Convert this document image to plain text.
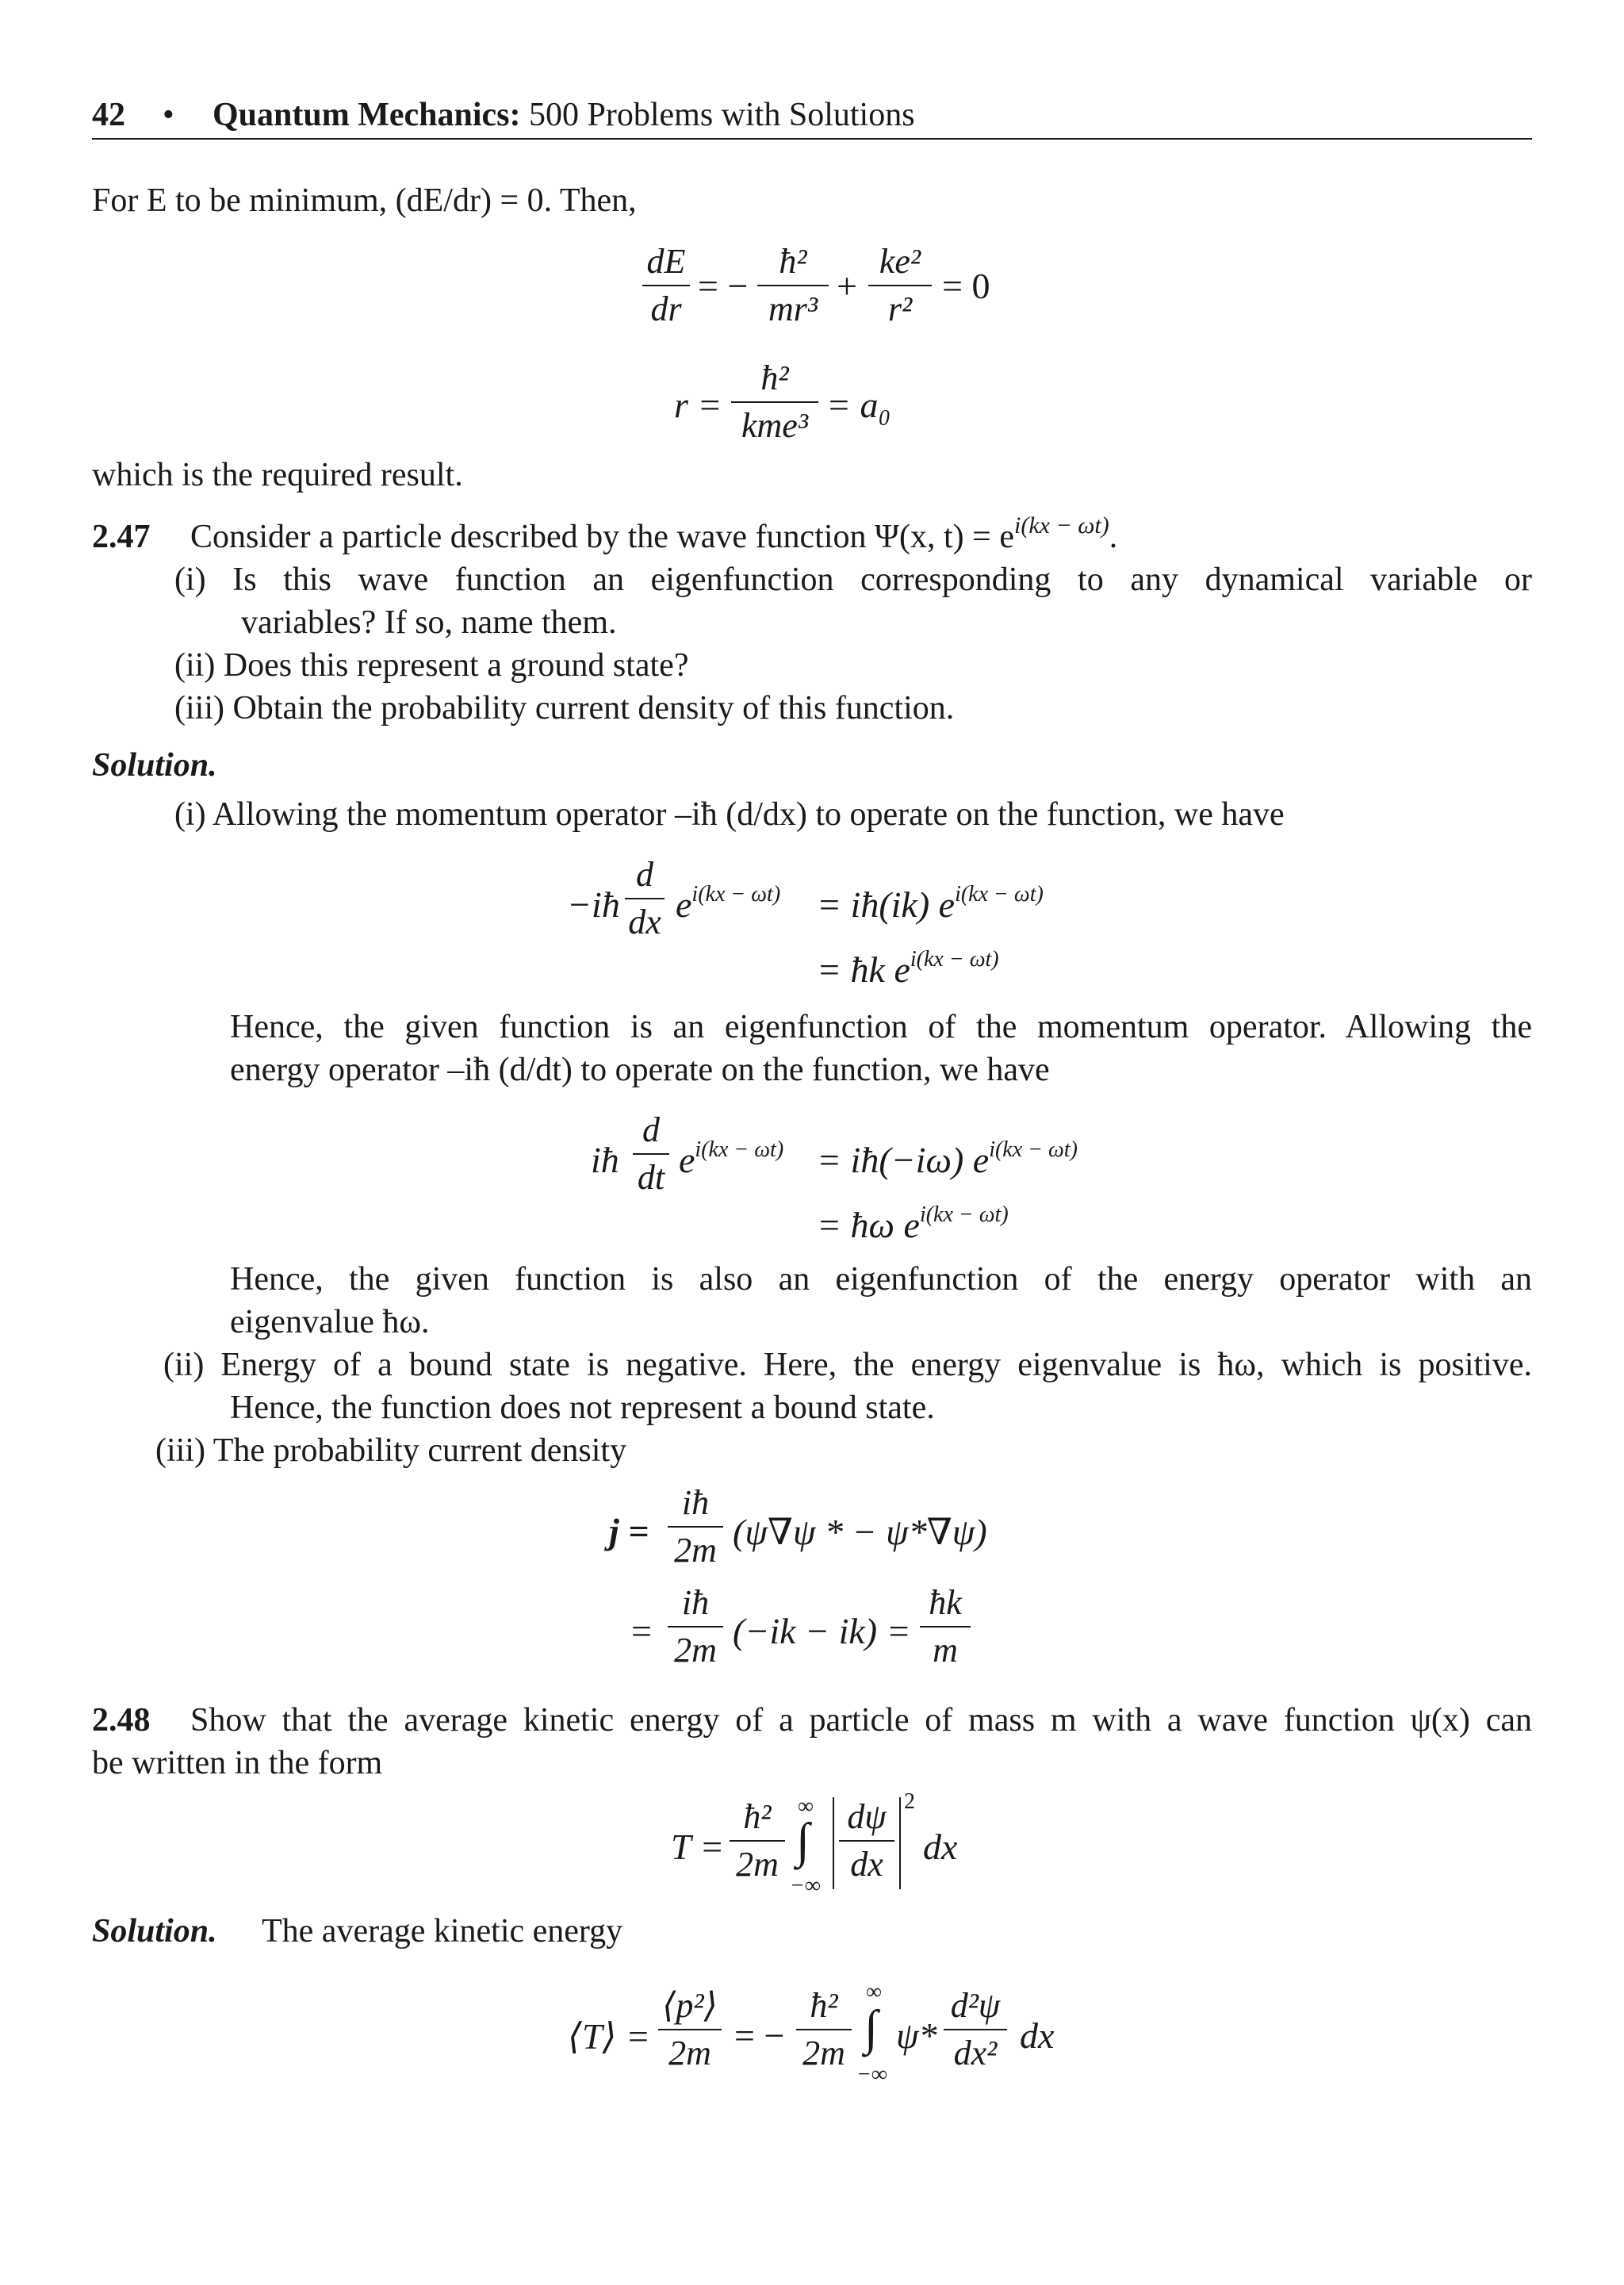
42 • Quantum Mechanics: 500 Problems with Solutions
For E to be minimum, (dE/dr) = 0. Then,
dE
dr
= −
ħ²
mr³
+
ke²
r²
= 0
r =
ħ²
kme³
= a₀
which is the required result.
2.47 Consider a particle described by the wave function Ψ(x, $t) = e^{i(kx - \omega t)}$.
(i) Is this wave function an eigenfunction corresponding to any dynamical variable or
variables? If so, name them.
(ii) Does this represent a ground state?
(iii) Obtain the probability current density of this function.
Solution.
(i) Allowing the momentum operator –iħ (d/dx) to operate on the function, we have
−iħ
d
dx $e^{i(kx - \omega t)}$ = iħ(ik) $e^{i(kx - \omega t)}$
= ħk $e^{i(kx - \omega t)}$
Hence, the given function is an eigenfunction of the momentum operator. Allowing the
energy operator –iħ (d/dt) to operate on the function, we have
iħ
d
dt $e^{i(kx - \omega t)}$ = iħ(−iω) $e^{i(kx - \omega t)}$
= ħω $e^{i(kx - \omega t)}$
Hence, the given function is also an eigenfunction of the energy operator with an
eigenvalue ħω.
(ii) Energy of a bound state is negative. Here, the energy eigenvalue is ħω, which is positive.
Hence, the function does not represent a bound state.
(iii) The probability current density
j =
iħ
2m (ψ∇ψ * − ψ*∇ψ)
=
iħ
2m (−ik − ik) =
ħk
m
2.48 Show that the average kinetic energy of a particle of mass m with a wave function ψ(x) can
be written in the form
T =
ħ²
2m
∞
∫
−∞
dψ
dx
2
dx
Solution. The average kinetic energy
⟨T⟩ =
⟨p²⟩
2m = −
ħ²
2m
∞
∫
−∞
ψ*
d²ψ
dx² dx
